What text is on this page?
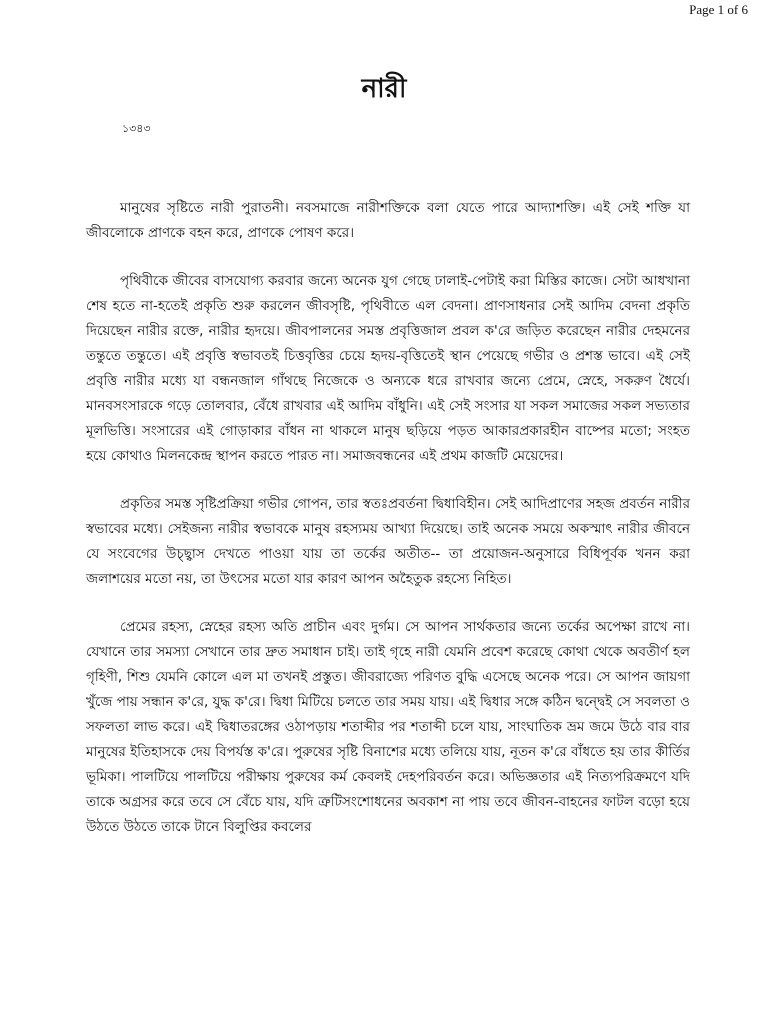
Page 1 of 6
নারী

১৩৪৩

মানুষের সৃষ্টিতে নারী পুরাতনী। নবসমাজে নারীশক্তিকে বলা যেতে পারে আদ্যাশক্তি। এই সেই শক্তি যা জীবলোকে প্রাণকে বহন করে, প্রাণকে পোষণ করে।

পৃথিবীকে জীবের বাসযোগ্য করবার জন্যে অনেক যুগ গেছে ঢালাই-পেটাই করা মিস্তির কাজে। সেটা আধখানা শেষ হতে না-হতেই প্রকৃতি শুরু করলেন জীবসৃষ্টি, পৃথিবীতে এল বেদনা। প্রাণসাধনার সেই আদিম বেদনা প্রকৃতি দিয়েছেন নারীর রক্তে, নারীর হৃদয়ে। জীবপালনের সমস্ত প্রবৃত্তিজাল প্রবল ক'রে জড়িত করেছেন নারীর দেহমনের তন্তুতে তন্তুতে। এই প্রবৃত্তি স্বভাবতই চিত্তবৃত্তির চেয়ে হৃদয়-বৃত্তিতেই স্থান পেয়েছে গভীর ও প্রশস্ত ভাবে। এই সেই প্রবৃত্তি নারীর মধ্যে যা বন্ধনজাল গাঁথছে নিজেকে ও অন্যকে ধরে রাখবার জন্যে প্রেমে, স্নেহে, সকরুণ ধৈর্যে। মানবসংসারকে গড়ে তোলবার, বেঁধে রাখবার এই আদিম বাঁধুনি। এই সেই সংসার যা সকল সমাজের সকল সভ্যতার মূলভিত্তি। সংসারের এই গোড়াকার বাঁধন না থাকলে মানুষ ছড়িয়ে পড়ত আকারপ্রকারহীন বাষ্পের মতো; সংহত হয়ে কোথাও মিলনকেন্দ্র স্থাপন করতে পারত না। সমাজবন্ধনের এই প্রথম কাজটি মেয়েদের।

প্রকৃতির সমস্ত সৃষ্টিপ্রক্রিয়া গভীর গোপন, তার স্বতঃপ্রবর্তনা দ্বিধাবিহীন। সেই আদিপ্রাণের সহজ প্রবর্তন নারীর স্বভাবের মধ্যে। সেইজন্য নারীর স্বভাবকে মানুষ রহস্যময় আখ্যা দিয়েছে। তাই অনেক সময়ে অকস্মাৎ নারীর জীবনে যে সংবেগের উচ্ছ্বাস দেখতে পাওয়া যায় তা তর্কের অতীত-- তা প্রয়োজন-অনুসারে বিধিপূর্বক খনন করা জলাশয়ের মতো নয়, তা উৎসের মতো যার কারণ আপন অহৈতুক রহস্যে নিহিত।

প্রেমের রহস্য, স্নেহের রহস্য অতি প্রাচীন এবং দুর্গম। সে আপন সার্থকতার জন্যে তর্কের অপেক্ষা রাখে না। যেখানে তার সমস্যা সেখানে তার দ্রুত সমাধান চাই। তাই গৃহে নারী যেমনি প্রবেশ করেছে কোথা থেকে অবতীর্ণ হল গৃহিণী, শিশু যেমনি কোলে এল মা তখনই প্রস্তুত। জীবরাজ্যে পরিণত বুদ্ধি এসেছে অনেক পরে। সে আপন জায়গা খুঁজে পায় সন্ধান ক'রে, যুদ্ধ ক'রে। দ্বিধা মিটিয়ে চলতে তার সময় যায়। এই দ্বিধার সঙ্গে কঠিন দ্বন্দ্বেই সে সবলতা ও সফলতা লাভ করে। এই দ্বিধাতরঙ্গের ওঠাপড়ায় শতাব্দীর পর শতাব্দী চলে যায়, সাংঘাতিক ভ্রম জমে উঠে বার বার মানুষের ইতিহাসকে দেয় বিপর্যস্ত ক'রে। পুরুষের সৃষ্টি বিনাশের মধ্যে তলিয়ে যায়, নূতন ক'রে বাঁধতে হয় তার কীর্তির ভূমিকা। পালটিয়ে পালটিয়ে পরীক্ষায় পুরুষের কর্ম কেবলই দেহপরিবর্তন করে। অভিজ্ঞতার এই নিত্যপরিক্রমণে যদি তাকে অগ্রসর করে তবে সে বেঁচে যায়, যদি ত্রুটিসংশোধনের অবকাশ না পায় তবে জীবন-বাহনের ফাটল বড়ো হয়ে উঠতে উঠতে তাকে টানে বিলুপ্তির কবলের
